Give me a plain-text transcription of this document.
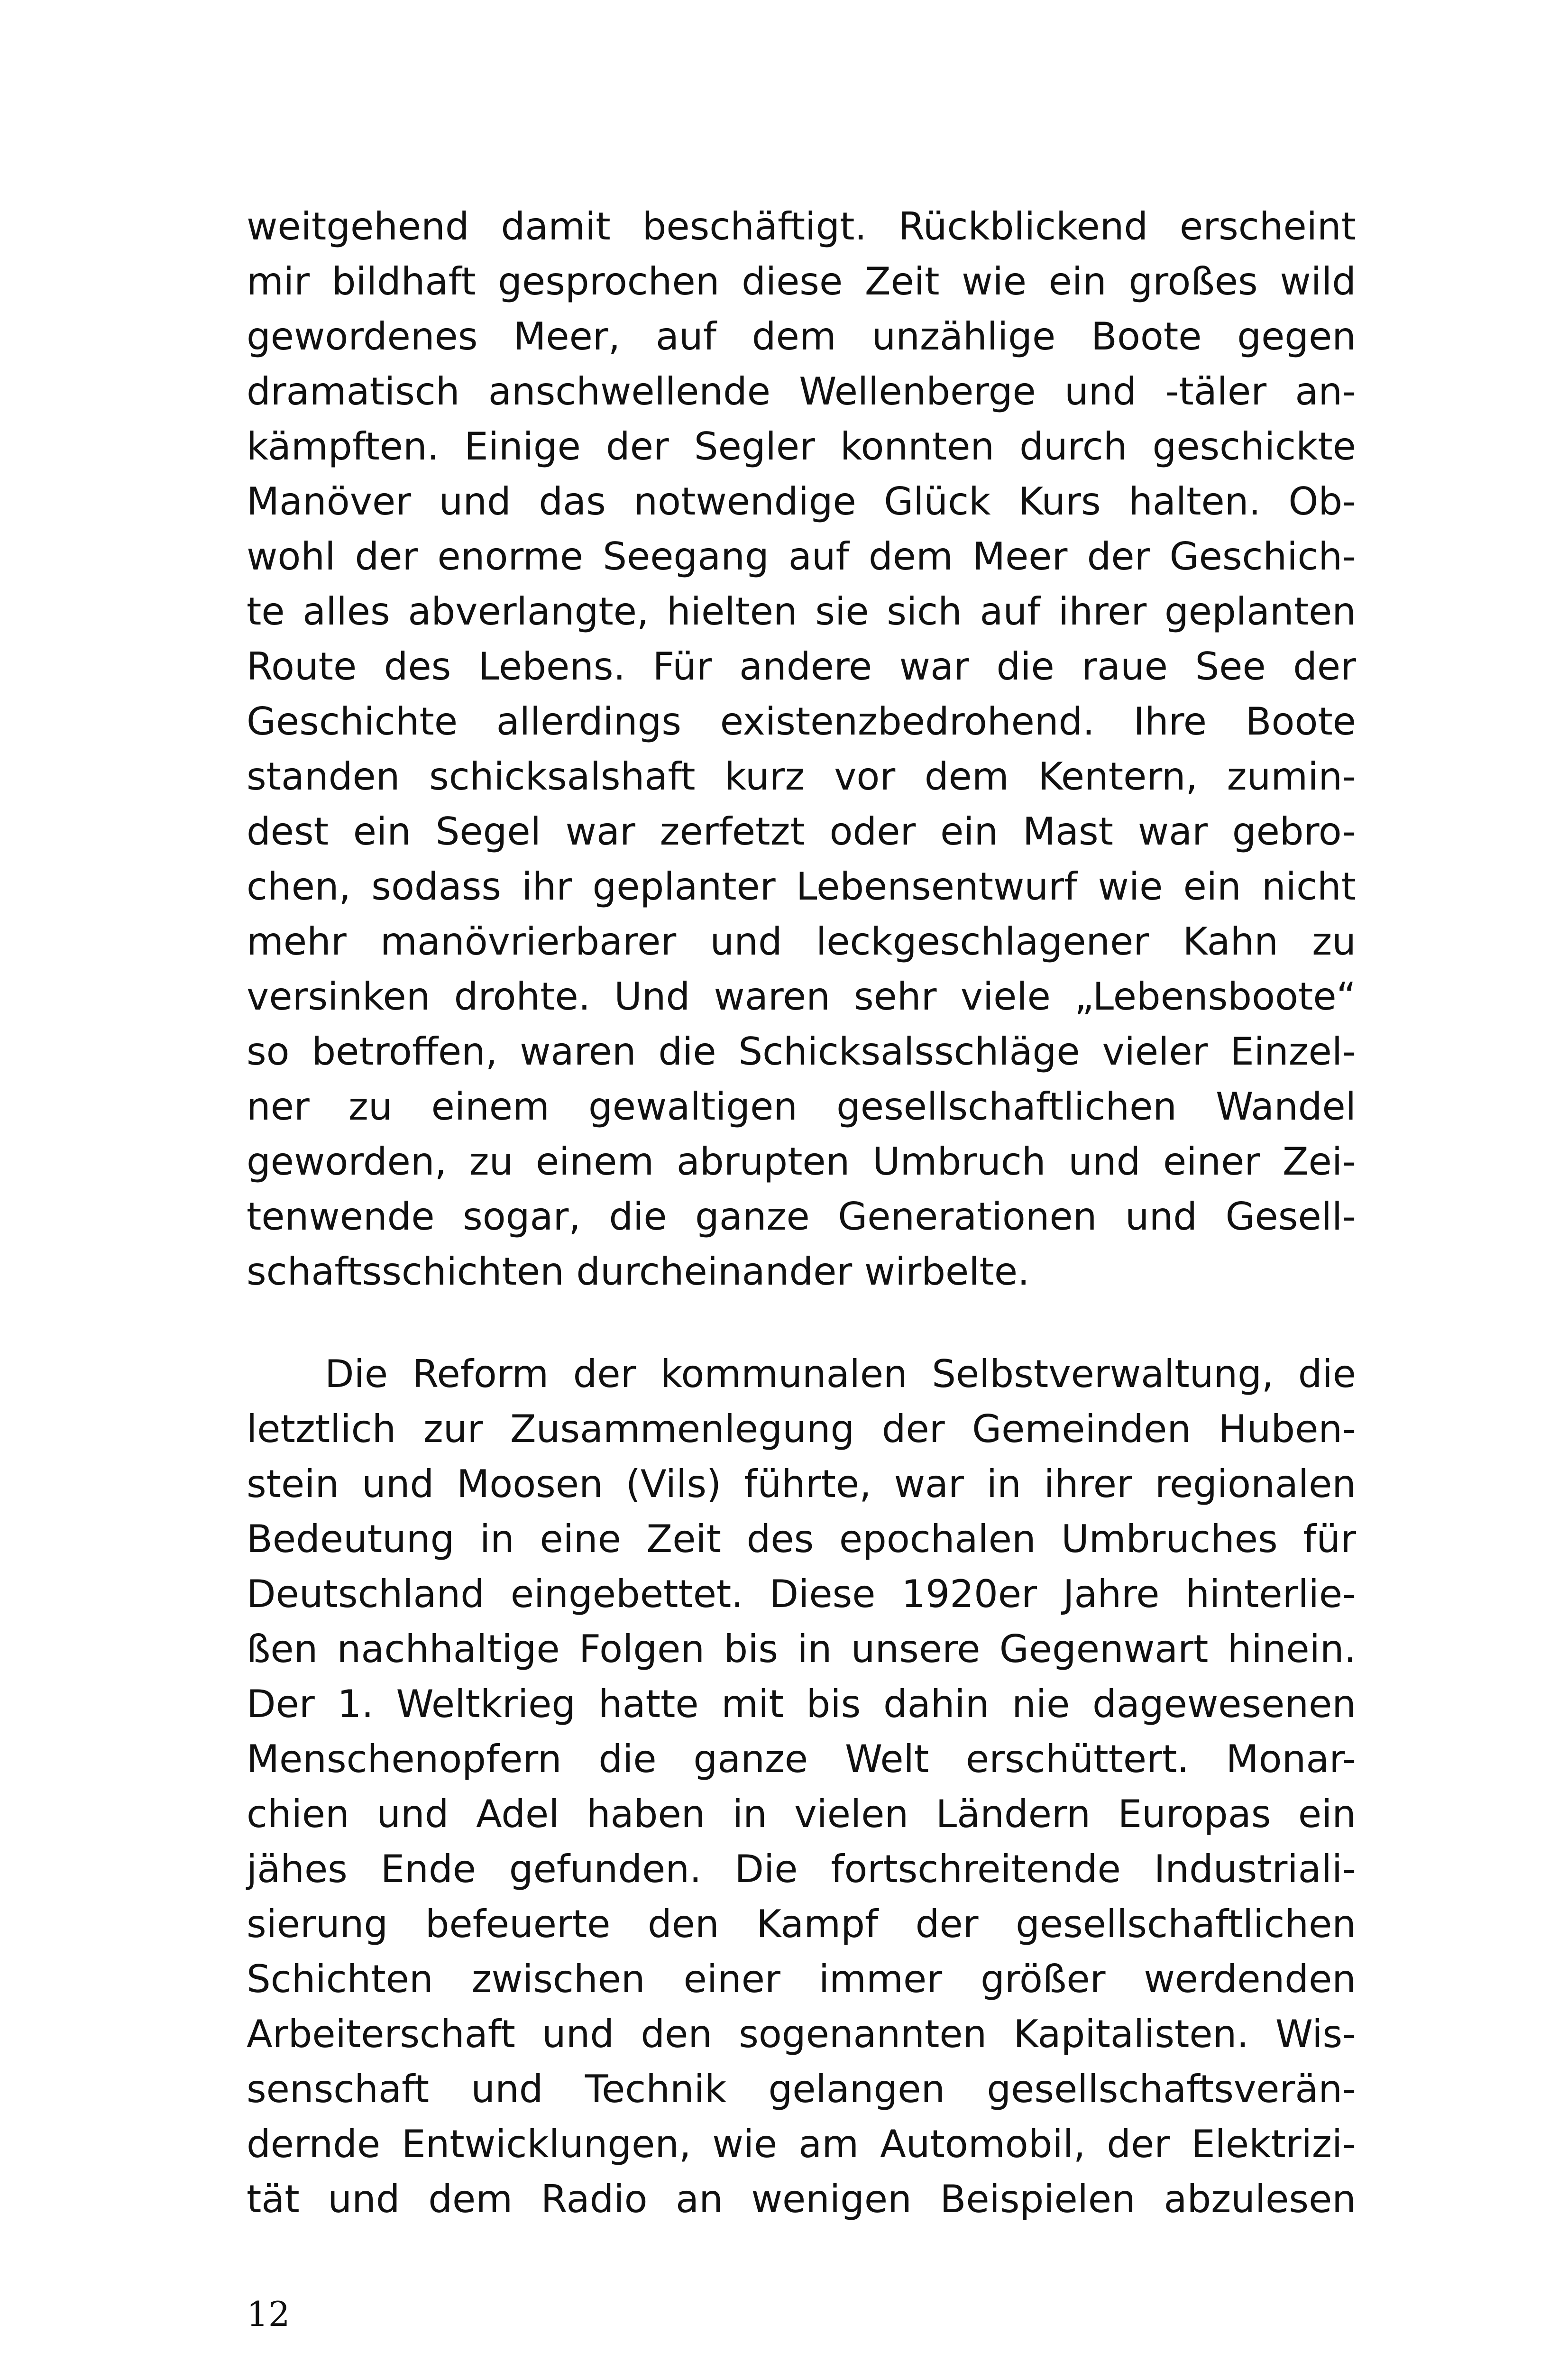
weitgehend damit beschäftigt. Rückblickend erscheint
mir bildhaft gesprochen diese Zeit wie ein großes wild
gewordenes Meer, auf dem unzählige Boote gegen
dramatisch anschwellende Wellenberge und -täler an-
kämpften. Einige der Segler konnten durch geschickte
Manöver und das notwendige Glück Kurs halten. Ob-
wohl der enorme Seegang auf dem Meer der Geschich-
te alles abverlangte, hielten sie sich auf ihrer geplanten
Route des Lebens. Für andere war die raue See der
Geschichte allerdings existenzbedrohend. Ihre Boote
standen schicksalshaft kurz vor dem Kentern, zumin-
dest ein Segel war zerfetzt oder ein Mast war gebro-
chen, sodass ihr geplanter Lebensentwurf wie ein nicht
mehr manövrierbarer und leckgeschlagener Kahn zu
versinken drohte. Und waren sehr viele „Lebensboote“
so betroffen, waren die Schicksalsschläge vieler Einzel-
ner zu einem gewaltigen gesellschaftlichen Wandel
geworden, zu einem abrupten Umbruch und einer Zei-
tenwende sogar, die ganze Generationen und Gesell-
schaftsschichten durcheinander wirbelte.

Die Reform der kommunalen Selbstverwaltung, die
letztlich zur Zusammenlegung der Gemeinden Huben-
stein und Moosen (Vils) führte, war in ihrer regionalen
Bedeutung in eine Zeit des epochalen Umbruches für
Deutschland eingebettet. Diese 1920er Jahre hinterlie-
ßen nachhaltige Folgen bis in unsere Gegenwart hinein.
Der 1. Weltkrieg hatte mit bis dahin nie dagewesenen
Menschenopfern die ganze Welt erschüttert. Monar-
chien und Adel haben in vielen Ländern Europas ein
jähes Ende gefunden. Die fortschreitende Industriali-
sierung befeuerte den Kampf der gesellschaftlichen
Schichten zwischen einer immer größer werdenden
Arbeiterschaft und den sogenannten Kapitalisten. Wis-
senschaft und Technik gelangen gesellschaftsverän-
dernde Entwicklungen, wie am Automobil, der Elektrizi-
tät und dem Radio an wenigen Beispielen abzulesen

12
